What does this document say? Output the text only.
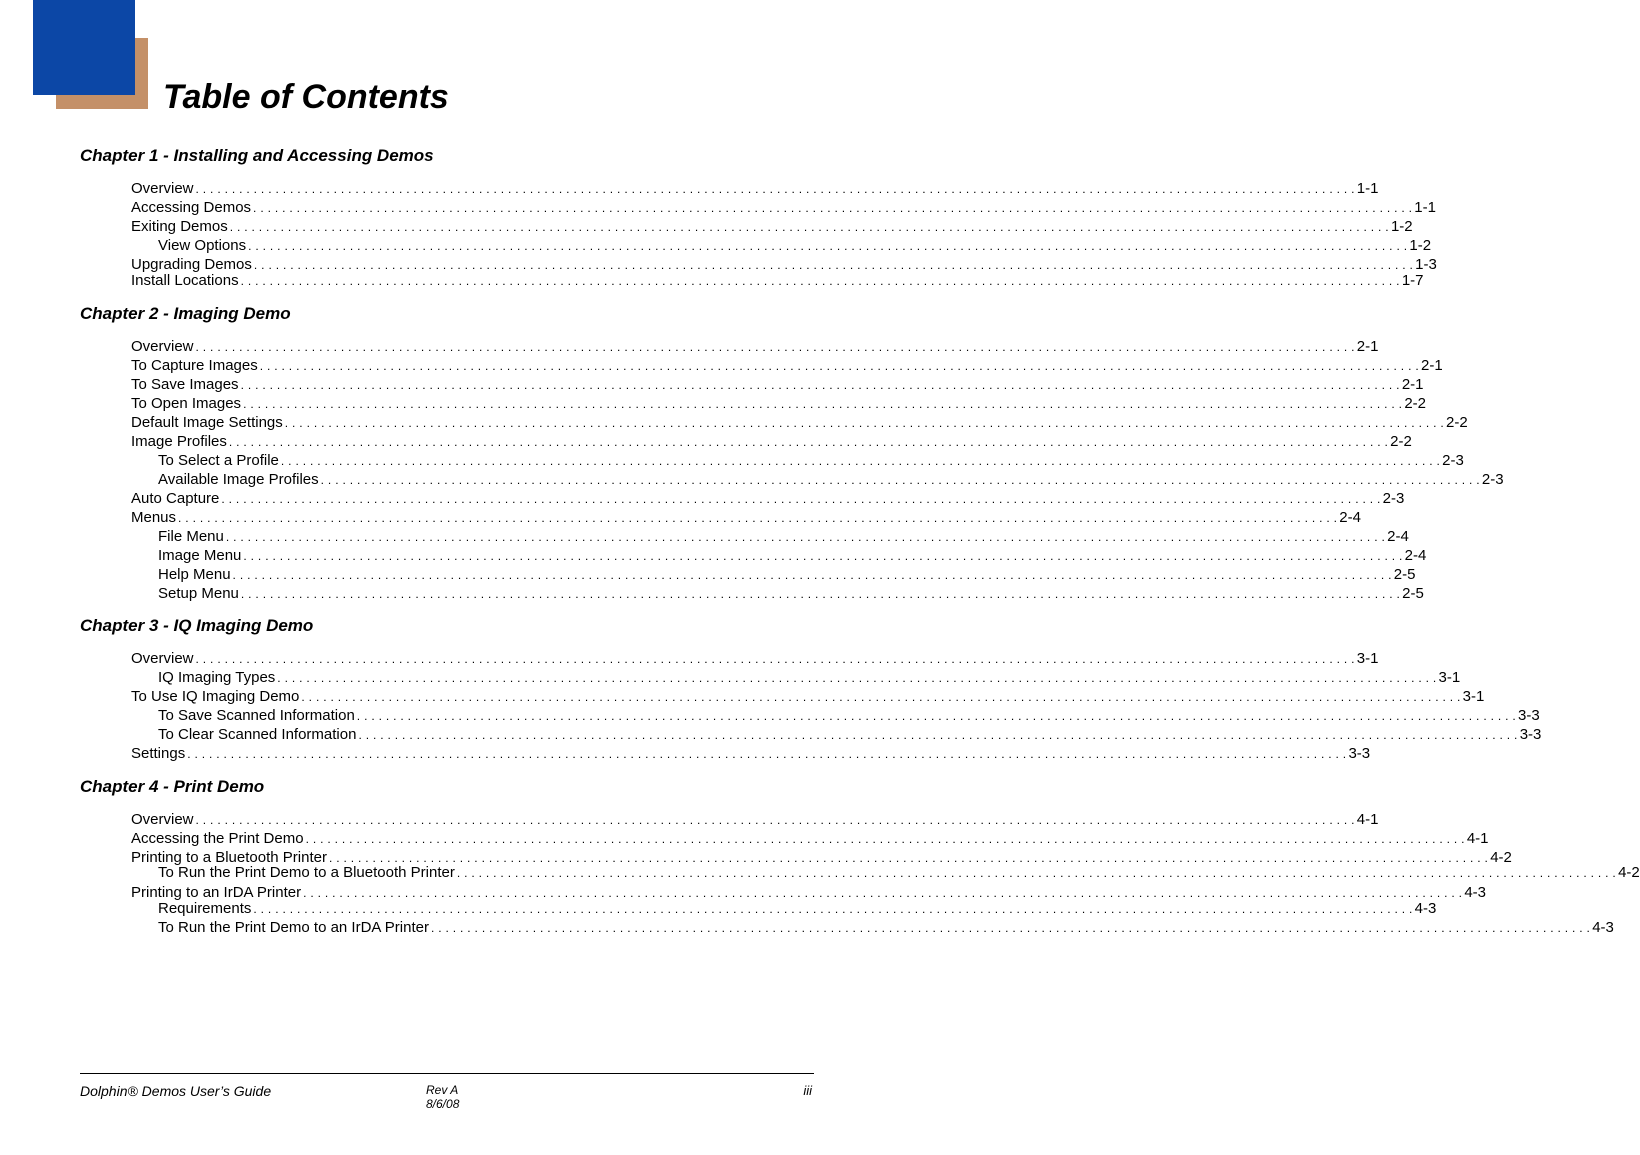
Table of Contents
Chapter 1 - Installing and Accessing Demos
Overview . . . . . . . . . . . . . . . . . . . . . . . . . . . . . . . . . . . . . . . . . . . . . . . . . . . . . . . . . . . . . . . . . . . . . . . . . . . . . . . . . . . . . . . . . . . . . . . . . . . . . . . . . . . . . . . . . . . . . . . . . . . . . . . . . . . . . . . . . . . . . . . . . . . . . . . . . . . . . . . . 1-1
Accessing Demos . . . . . . . . . . . . . . . . . . . . . . . . . . . . . . . . . . . . . . . . . . . . . . . . . . . . . . . . . . . . . . . . . . . . . . . . . . . . . . . . . . . . . . . . . . . . . . . . . . . . . . . . . . . . . . . . . . . . . . . . . . . . . . . . . . . . . . . . . . . . . . . . . . . . . . . . . . . . . . . . 1-1
Exiting Demos . . . . . . . . . . . . . . . . . . . . . . . . . . . . . . . . . . . . . . . . . . . . . . . . . . . . . . . . . . . . . . . . . . . . . . . . . . . . . . . . . . . . . . . . . . . . . . . . . . . . . . . . . . . . . . . . . . . . . . . . . . . . . . . . . . . . . . . . . . . . . . . . . . . . . . . . . . . . . . . . 1-2
View Options . . . . . . . . . . . . . . . . . . . . . . . . . . . . . . . . . . . . . . . . . . . . . . . . . . . . . . . . . . . . . . . . . . . . . . . . . . . . . . . . . . . . . . . . . . . . . . . . . . . . . . . . . . . . . . . . . . . . . . . . . . . . . . . . . . . . . . . . . . . . . . . . . . . . . . . . . . . . . . . . 1-2
Upgrading Demos . . . . . . . . . . . . . . . . . . . . . . . . . . . . . . . . . . . . . . . . . . . . . . . . . . . . . . . . . . . . . . . . . . . . . . . . . . . . . . . . . . . . . . . . . . . . . . . . . . . . . . . . . . . . . . . . . . . . . . . . . . . . . . . . . . . . . . . . . . . . . . . . . . . . . . . . . . . . . . . . 1-3
Install Locations . . . . . . . . . . . . . . . . . . . . . . . . . . . . . . . . . . . . . . . . . . . . . . . . . . . . . . . . . . . . . . . . . . . . . . . . . . . . . . . . . . . . . . . . . . . . . . . . . . . . . . . . . . . . . . . . . . . . . . . . . . . . . . . . . . . . . . . . . . . . . . . . . . . . . . . . . . . . . . . . 1-7
Chapter 2 - Imaging Demo
Overview . . . . . . . . . . . . . . . . . . . . . . . . . . . . . . . . . . . . . . . . . . . . . . . . . . . . . . . . . . . . . . . . . . . . . . . . . . . . . . . . . . . . . . . . . . . . . . . . . . . . . . . . . . . . . . . . . . . . . . . . . . . . . . . . . . . . . . . . . . . . . . . . . . . . . . . . . . . . . . . . 2-1
To Capture Images . . . . . . . . . . . . . . . . . . . . . . . . . . . . . . . . . . . . . . . . . . . . . . . . . . . . . . . . . . . . . . . . . . . . . . . . . . . . . . . . . . . . . . . . . . . . . . . . . . . . . . . . . . . . . . . . . . . . . . . . . . . . . . . . . . . . . . . . . . . . . . . . . . . . . . . . . . . . . . . . 2-1
To Save Images . . . . . . . . . . . . . . . . . . . . . . . . . . . . . . . . . . . . . . . . . . . . . . . . . . . . . . . . . . . . . . . . . . . . . . . . . . . . . . . . . . . . . . . . . . . . . . . . . . . . . . . . . . . . . . . . . . . . . . . . . . . . . . . . . . . . . . . . . . . . . . . . . . . . . . . . . . . . . . . . 2-1
To Open Images . . . . . . . . . . . . . . . . . . . . . . . . . . . . . . . . . . . . . . . . . . . . . . . . . . . . . . . . . . . . . . . . . . . . . . . . . . . . . . . . . . . . . . . . . . . . . . . . . . . . . . . . . . . . . . . . . . . . . . . . . . . . . . . . . . . . . . . . . . . . . . . . . . . . . . . . . . . . . . . . 2-2
Default Image Settings . . . . . . . . . . . . . . . . . . . . . . . . . . . . . . . . . . . . . . . . . . . . . . . . . . . . . . . . . . . . . . . . . . . . . . . . . . . . . . . . . . . . . . . . . . . . . . . . . . . . . . . . . . . . . . . . . . . . . . . . . . . . . . . . . . . . . . . . . . . . . . . . . . . . . . . . . . . . . . . . 2-2
Image Profiles . . . . . . . . . . . . . . . . . . . . . . . . . . . . . . . . . . . . . . . . . . . . . . . . . . . . . . . . . . . . . . . . . . . . . . . . . . . . . . . . . . . . . . . . . . . . . . . . . . . . . . . . . . . . . . . . . . . . . . . . . . . . . . . . . . . . . . . . . . . . . . . . . . . . . . . . . . . . . . . . 2-2
To Select a Profile . . . . . . . . . . . . . . . . . . . . . . . . . . . . . . . . . . . . . . . . . . . . . . . . . . . . . . . . . . . . . . . . . . . . . . . . . . . . . . . . . . . . . . . . . . . . . . . . . . . . . . . . . . . . . . . . . . . . . . . . . . . . . . . . . . . . . . . . . . . . . . . . . . . . . . . . . . . . . . . . 2-3
Available Image Profiles . . . . . . . . . . . . . . . . . . . . . . . . . . . . . . . . . . . . . . . . . . . . . . . . . . . . . . . . . . . . . . . . . . . . . . . . . . . . . . . . . . . . . . . . . . . . . . . . . . . . . . . . . . . . . . . . . . . . . . . . . . . . . . . . . . . . . . . . . . . . . . . . . . . . . . . . . . . . . . . . 2-3
Auto Capture . . . . . . . . . . . . . . . . . . . . . . . . . . . . . . . . . . . . . . . . . . . . . . . . . . . . . . . . . . . . . . . . . . . . . . . . . . . . . . . . . . . . . . . . . . . . . . . . . . . . . . . . . . . . . . . . . . . . . . . . . . . . . . . . . . . . . . . . . . . . . . . . . . . . . . . . . . . . . . . . 2-3
Menus . . . . . . . . . . . . . . . . . . . . . . . . . . . . . . . . . . . . . . . . . . . . . . . . . . . . . . . . . . . . . . . . . . . . . . . . . . . . . . . . . . . . . . . . . . . . . . . . . . . . . . . . . . . . . . . . . . . . . . . . . . . . . . . . . . . . . . . . . . . . . . . . . . . . . . . . . . . . . . . . 2-4
File Menu . . . . . . . . . . . . . . . . . . . . . . . . . . . . . . . . . . . . . . . . . . . . . . . . . . . . . . . . . . . . . . . . . . . . . . . . . . . . . . . . . . . . . . . . . . . . . . . . . . . . . . . . . . . . . . . . . . . . . . . . . . . . . . . . . . . . . . . . . . . . . . . . . . . . . . . . . . . . . . . . 2-4
Image Menu . . . . . . . . . . . . . . . . . . . . . . . . . . . . . . . . . . . . . . . . . . . . . . . . . . . . . . . . . . . . . . . . . . . . . . . . . . . . . . . . . . . . . . . . . . . . . . . . . . . . . . . . . . . . . . . . . . . . . . . . . . . . . . . . . . . . . . . . . . . . . . . . . . . . . . . . . . . . . . . . 2-4
Help Menu . . . . . . . . . . . . . . . . . . . . . . . . . . . . . . . . . . . . . . . . . . . . . . . . . . . . . . . . . . . . . . . . . . . . . . . . . . . . . . . . . . . . . . . . . . . . . . . . . . . . . . . . . . . . . . . . . . . . . . . . . . . . . . . . . . . . . . . . . . . . . . . . . . . . . . . . . . . . . . . . 2-5
Setup Menu . . . . . . . . . . . . . . . . . . . . . . . . . . . . . . . . . . . . . . . . . . . . . . . . . . . . . . . . . . . . . . . . . . . . . . . . . . . . . . . . . . . . . . . . . . . . . . . . . . . . . . . . . . . . . . . . . . . . . . . . . . . . . . . . . . . . . . . . . . . . . . . . . . . . . . . . . . . . . . . . 2-5
Chapter 3 - IQ Imaging Demo
Overview . . . . . . . . . . . . . . . . . . . . . . . . . . . . . . . . . . . . . . . . . . . . . . . . . . . . . . . . . . . . . . . . . . . . . . . . . . . . . . . . . . . . . . . . . . . . . . . . . . . . . . . . . . . . . . . . . . . . . . . . . . . . . . . . . . . . . . . . . . . . . . . . . . . . . . . . . . . . . . . . 3-1
IQ Imaging Types . . . . . . . . . . . . . . . . . . . . . . . . . . . . . . . . . . . . . . . . . . . . . . . . . . . . . . . . . . . . . . . . . . . . . . . . . . . . . . . . . . . . . . . . . . . . . . . . . . . . . . . . . . . . . . . . . . . . . . . . . . . . . . . . . . . . . . . . . . . . . . . . . . . . . . . . . . . . . . . . 3-1
To Use IQ Imaging Demo . . . . . . . . . . . . . . . . . . . . . . . . . . . . . . . . . . . . . . . . . . . . . . . . . . . . . . . . . . . . . . . . . . . . . . . . . . . . . . . . . . . . . . . . . . . . . . . . . . . . . . . . . . . . . . . . . . . . . . . . . . . . . . . . . . . . . . . . . . . . . . . . . . . . . . . . . . . . . . . . 3-1
To Save Scanned Information . . . . . . . . . . . . . . . . . . . . . . . . . . . . . . . . . . . . . . . . . . . . . . . . . . . . . . . . . . . . . . . . . . . . . . . . . . . . . . . . . . . . . . . . . . . . . . . . . . . . . . . . . . . . . . . . . . . . . . . . . . . . . . . . . . . . . . . . . . . . . . . . . . . . . . . . . . . . . . . . 3-3
To Clear Scanned Information . . . . . . . . . . . . . . . . . . . . . . . . . . . . . . . . . . . . . . . . . . . . . . . . . . . . . . . . . . . . . . . . . . . . . . . . . . . . . . . . . . . . . . . . . . . . . . . . . . . . . . . . . . . . . . . . . . . . . . . . . . . . . . . . . . . . . . . . . . . . . . . . . . . . . . . . . . . . . . . . 3-3
Settings . . . . . . . . . . . . . . . . . . . . . . . . . . . . . . . . . . . . . . . . . . . . . . . . . . . . . . . . . . . . . . . . . . . . . . . . . . . . . . . . . . . . . . . . . . . . . . . . . . . . . . . . . . . . . . . . . . . . . . . . . . . . . . . . . . . . . . . . . . . . . . . . . . . . . . . . . . . . . . . . 3-3
Chapter 4 - Print Demo
Overview . . . . . . . . . . . . . . . . . . . . . . . . . . . . . . . . . . . . . . . . . . . . . . . . . . . . . . . . . . . . . . . . . . . . . . . . . . . . . . . . . . . . . . . . . . . . . . . . . . . . . . . . . . . . . . . . . . . . . . . . . . . . . . . . . . . . . . . . . . . . . . . . . . . . . . . . . . . . . . . . 4-1
Accessing the Print Demo . . . . . . . . . . . . . . . . . . . . . . . . . . . . . . . . . . . . . . . . . . . . . . . . . . . . . . . . . . . . . . . . . . . . . . . . . . . . . . . . . . . . . . . . . . . . . . . . . . . . . . . . . . . . . . . . . . . . . . . . . . . . . . . . . . . . . . . . . . . . . . . . . . . . . . . . . . . . . . . . 4-1
Printing to a Bluetooth Printer . . . . . . . . . . . . . . . . . . . . . . . . . . . . . . . . . . . . . . . . . . . . . . . . . . . . . . . . . . . . . . . . . . . . . . . . . . . . . . . . . . . . . . . . . . . . . . . . . . . . . . . . . . . . . . . . . . . . . . . . . . . . . . . . . . . . . . . . . . . . . . . . . . . . . . . . . . . . . . . . 4-2
To Run the Print Demo to a Bluetooth Printer . . . . . . . . . . . . . . . . . . . . . . . . . . . . . . . . . . . . . . . . . . . . . . . . . . . . . . . . . . . . . . . . . . . . . . . . . . . . . . . . . . . . . . . . . . . . . . . . . . . . . . . . . . . . . . . . . . . . . . . . . . . . . . . . . . . . . . . . . . . . . . . . . . . . . . . . . . . . . . . . 4-2
Printing to an IrDA Printer . . . . . . . . . . . . . . . . . . . . . . . . . . . . . . . . . . . . . . . . . . . . . . . . . . . . . . . . . . . . . . . . . . . . . . . . . . . . . . . . . . . . . . . . . . . . . . . . . . . . . . . . . . . . . . . . . . . . . . . . . . . . . . . . . . . . . . . . . . . . . . . . . . . . . . . . . . . . . . . . 4-3
Requirements . . . . . . . . . . . . . . . . . . . . . . . . . . . . . . . . . . . . . . . . . . . . . . . . . . . . . . . . . . . . . . . . . . . . . . . . . . . . . . . . . . . . . . . . . . . . . . . . . . . . . . . . . . . . . . . . . . . . . . . . . . . . . . . . . . . . . . . . . . . . . . . . . . . . . . . . . . . . . . . . 4-3
To Run the Print Demo to an IrDA Printer . . . . . . . . . . . . . . . . . . . . . . . . . . . . . . . . . . . . . . . . . . . . . . . . . . . . . . . . . . . . . . . . . . . . . . . . . . . . . . . . . . . . . . . . . . . . . . . . . . . . . . . . . . . . . . . . . . . . . . . . . . . . . . . . . . . . . . . . . . . . . . . . . . . . . . . . . . . . . . . . 4-3
Dolphin® Demos User’s Guide	Rev A
8/6/08
iii
